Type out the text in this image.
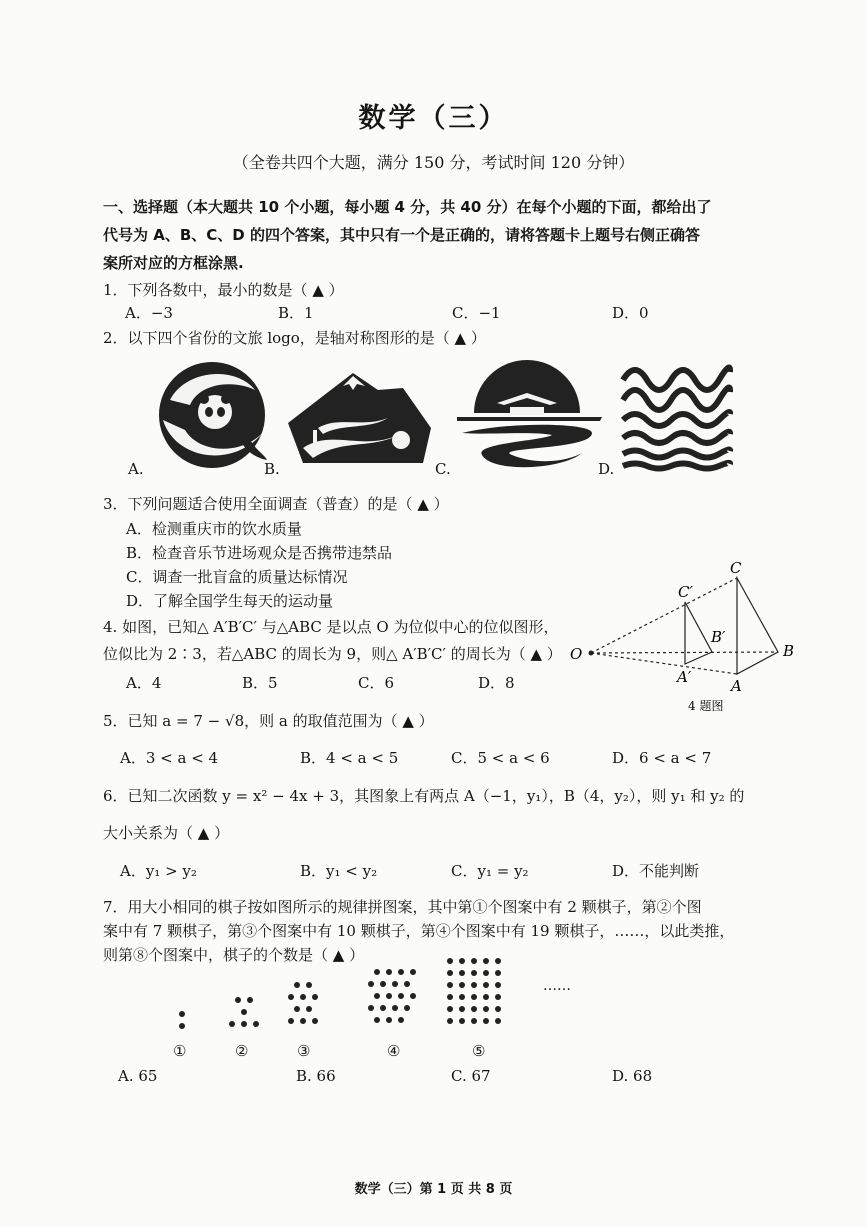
数学（三）
（全卷共四个大题，满分 150 分，考试时间 120 分钟）
一、选择题（本大题共 10 个小题，每小题 4 分，共 40 分）在每个小题的下面，都给出了
代号为 A、B、C、D 的四个答案，其中只有一个是正确的，请将答题卡上题号右侧正确答
案所对应的方框涂黑.
1．下列各数中，最小的数是（ ▲ ）
A．−3	B．1	C．−1	D．0
2．以下四个省份的文旅 logo，是轴对称图形的是（ ▲ ）
A.	B.	C.	D.
3．下列问题适合使用全面调查（普查）的是（ ▲ ）
A．检测重庆市的饮水质量
B．检查音乐节进场观众是否携带违禁品
C．调查一批盲盒的质量达标情况
D．了解全国学生每天的运动量
4. 如图，已知△ A′B′C′ 与△ABC 是以点 O 为位似中心的位似图形，
位似比为 2∶3，若△ABC 的周长为 9，则△ A′B′C′ 的周长为（ ▲ ）
A．4	B．5	C．6	D．8
O
C
B
A
C′
B′
A′
4 题图
5．已知 a = 7 − √8，则 a 的取值范围为（ ▲ ）
A．3 < a < 4	B．4 < a < 5	C．5 < a < 6	D．6 < a < 7
6．已知二次函数 y = x² − 4x + 3，其图象上有两点 A（−1，y₁），B（4，y₂），则 y₁ 和 y₂ 的
大小关系为（ ▲ ）
A．y₁ > y₂	B．y₁ < y₂	C．y₁ = y₂	D．不能判断
7．用大小相同的棋子按如图所示的规律拼图案，其中第①个图案中有 2 颗棋子，第②个图
案中有 7 颗棋子，第③个图案中有 10 颗棋子，第④个图案中有 19 颗棋子，……，以此类推，
则第⑧个图案中，棋子的个数是（ ▲ ）
……
①	②	③	④	⑤
A. 65	B. 66	C. 67	D. 68
数学（三）第 1 页 共 8 页
